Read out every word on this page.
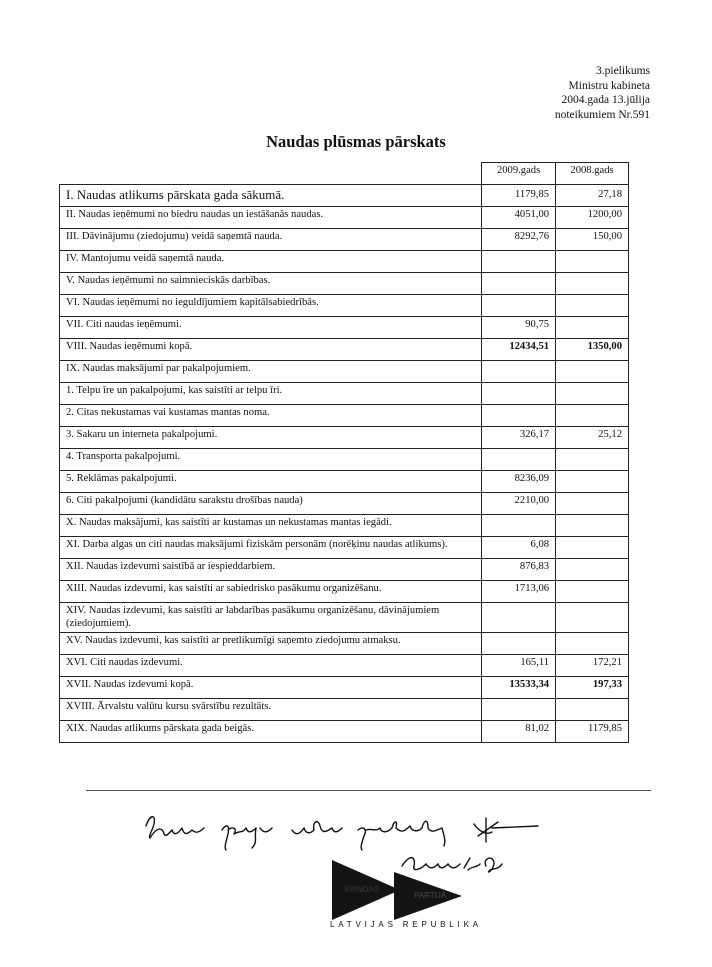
3.pielikums
Ministru kabineta
2004.gada 13.jūlija
noteikumiem Nr.591
Naudas plūsmas pārskats
	2009.gads	2008.gads
I. Naudas atlikums pārskata gada sākumā.	1179,85	27,18
II. Naudas ieņēmumi no biedru naudas un iestāšanās naudas.	4051,00	1200,00
III. Dāvinājumu (ziedojumu) veidā saņemtā nauda.	8292,76	150,00
IV. Mantojumu veidā saņemtā nauda.		
V. Naudas ieņēmumi no saimnieciskās darbības.		
VI. Naudas ieņēmumi no ieguldījumiem kapitālsabiedrībās.		
VII. Citi naudas ieņēmumi.	90,75	
VIII. Naudas ieņēmumi kopā.	12434,51	1350,00
IX. Naudas maksājumi par pakalpojumiem.		
1. Telpu īre un pakalpojumi, kas saistīti ar telpu īri.		
2. Citas nekustamas vai kustamas mantas noma.		
3. Sakaru un interneta pakalpojumi.	326,17	25,12
4. Transporta pakalpojumi.		
5. Reklāmas pakalpojumi.	8236,09	
6. Citi pakalpojumi (kandidātu sarakstu drošības nauda)	2210,00	
X. Naudas maksājumi, kas saistīti ar kustamas un nekustamas mantas iegādi.		
XI. Darba algas un citi naudas maksājumi fiziskām personām (norēķinu naudas atlikums).	6,08	
XII. Naudas izdevumi saistībā ar iespieddarbiem.	876,83	
XIII. Naudas izdevumi, kas saistīti ar sabiedrisko pasākumu organizēšanu.	1713,06	
XIV. Naudas izdevumi, kas saistīti ar labdarības pasākumu organizēšanu, dāvinājumiem (ziedojumiem).		
XV. Naudas izdevumi, kas saistīti ar pretlikumīgi saņemto ziedojumu atmaksu.		
XVI. Citi naudas izdevumi.	165,11	172,21
XVII. Naudas izdevumi kopā.	13533,34	197,33
XVIII. Ārvalstu valūtu kursu svārstību rezultāts.		
XIX. Naudas atlikums pārskata gada beigās.	81,02	1179,85
SVINDAS
PARTIJA
LATVIJAS REPUBLIKA
